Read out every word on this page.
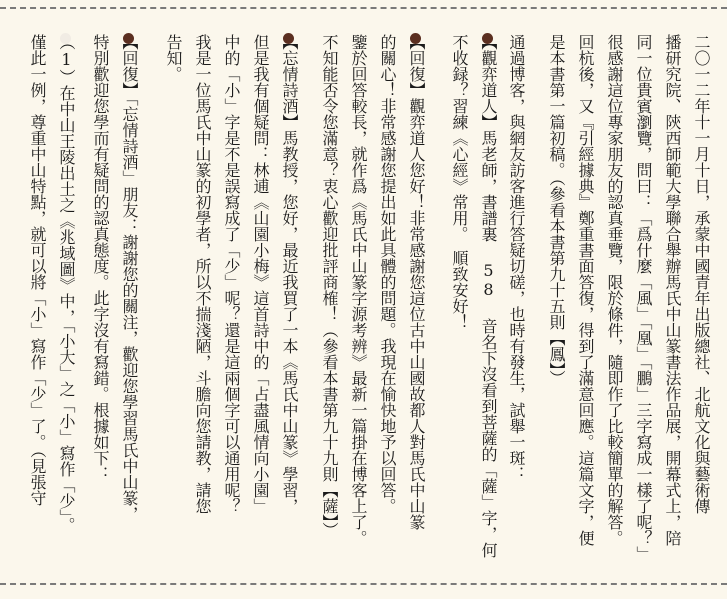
二〇一二年十一月十日，承蒙中國青年出版總社、北航文化與藝術傳
播研究院、陝西師範大學聯合舉辦馬氏中山篆書法作品展，開幕式上，陪
同一位貴賓瀏覽，問曰：「爲什麼「風」「凰」「鵬」三字寫成一樣了呢？」
很感謝這位專家朋友的認真垂覽，限於條件，隨即作了比較簡單的解答。
回杭後，又『引經據典』鄭重書面答復，得到了滿意回應。這篇文字，便
是本書第一篇初稿。（參看本書第九十五則【鳳】）
【觀弈道人】馬老師，書譜裏 58 音名下沒看到菩薩的「薩」字，何
不收録？習練《心經》常用。　順致安好！
【回復】觀弈道人您好！非常感謝您這位古中山國故都人對馬氏中山篆
的關心！非常感謝您提出如此具體的問題。我現在愉快地予以回答。	通過博客，與網友訪客進行答疑切磋，也時有發生，試舉一斑：
鑒於回答較長，就作爲《馬氏中山篆字源考辨》最新一篇掛在博客上了。
不知能否令您滿意？衷心歡迎批評商榷！（參看本書第九十九則【薩】）
【忘情詩酒】馬教授，您好，最近我買了一本《馬氏中山篆》學習，
但是我有個疑問：林逋《山園小梅》這首詩中的「占盡風情向小園」
中的「小」字是不是誤寫成了「少」呢？還是這兩個字可以通用呢？
我是一位馬氏中山篆的初學者，所以不揣淺陋，斗膽向您請教，請您
告知。
【回復】「忘情詩酒」朋友：謝謝您的關注，歡迎您學習馬氏中山篆，
特別歡迎您學而有疑問的認真態度。此字沒有寫錯。根據如下：
（1）在中山王陵出土之《兆域圖》中，「小大」之「小」寫作「少」。
僅此一例，尊重中山特點，就可以將「小」寫作「少」了。（見張守
